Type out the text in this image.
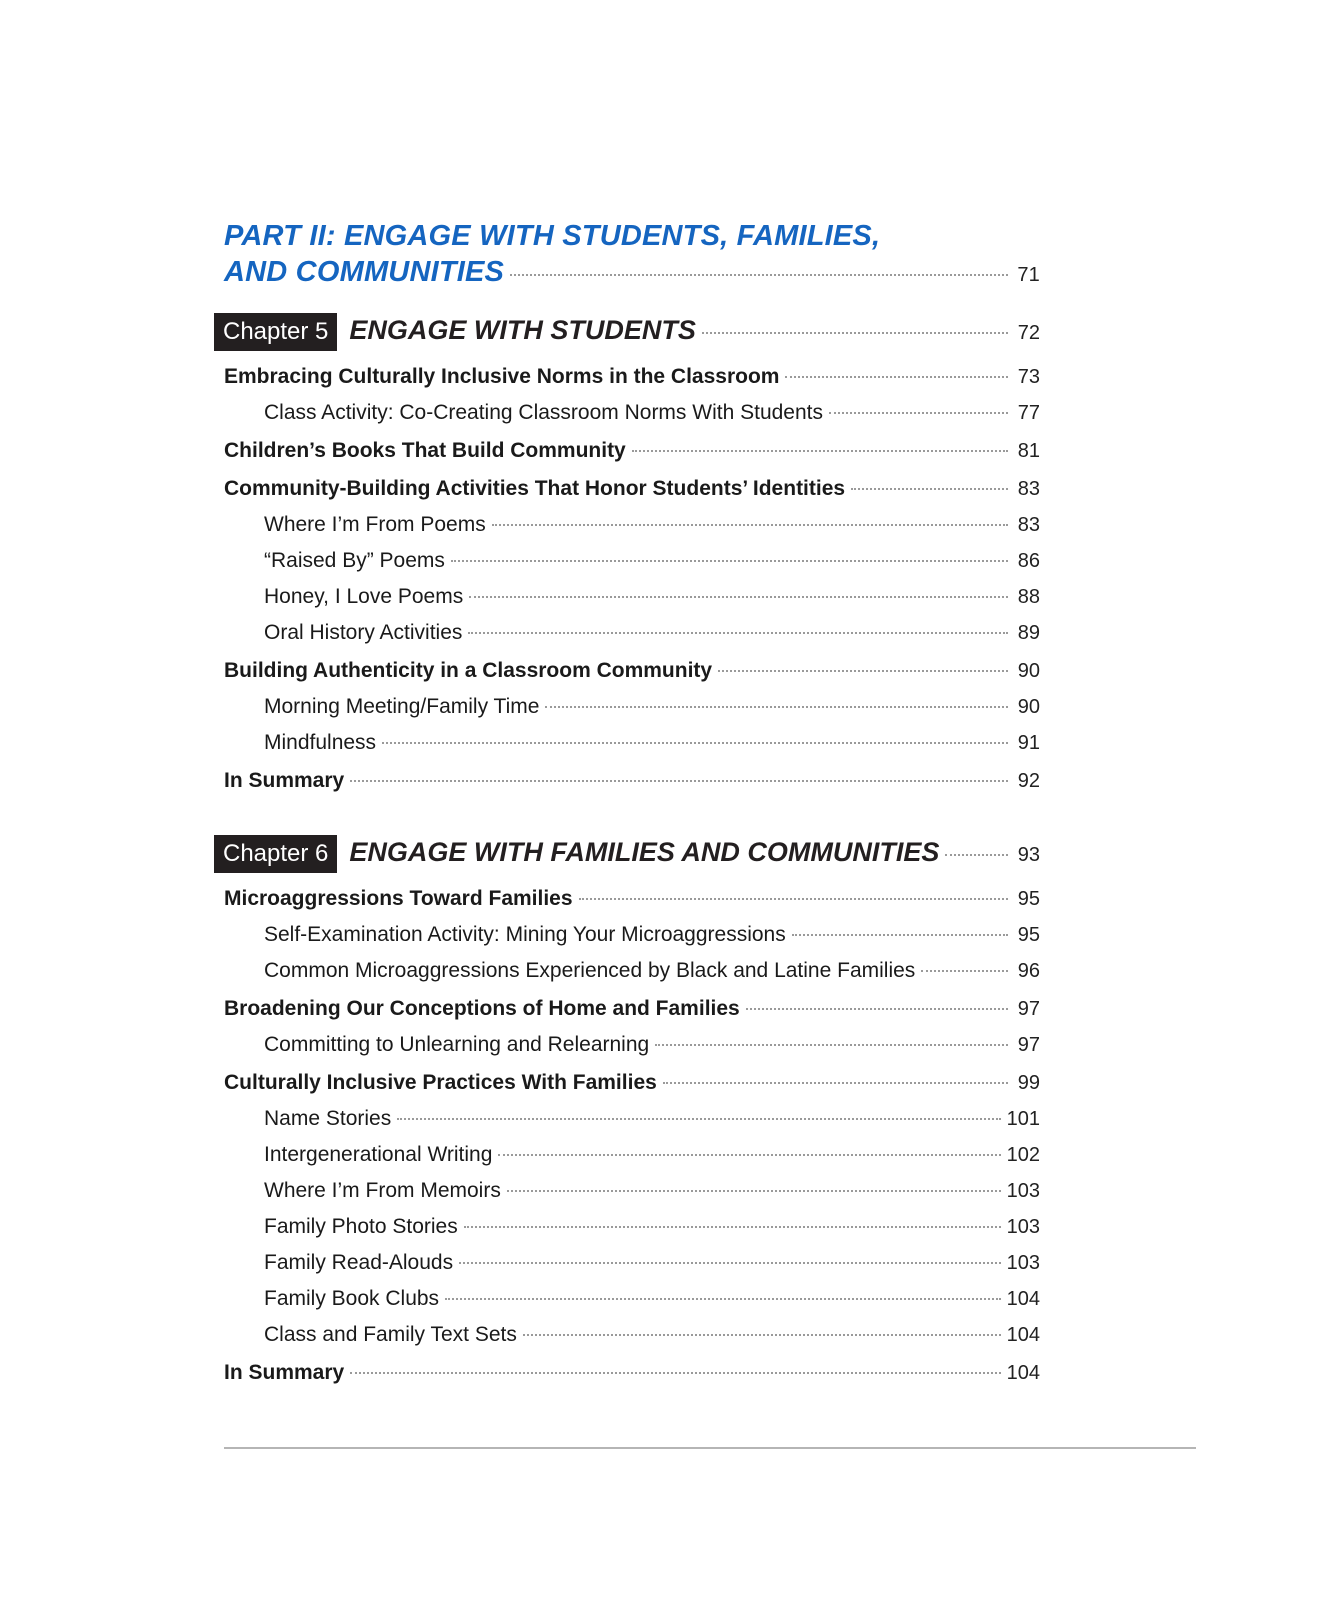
PART II: ENGAGE WITH STUDENTS, FAMILIES,
AND COMMUNITIES	71
Chapter 5 ENGAGE WITH STUDENTS	72
Embracing Culturally Inclusive Norms in the Classroom	73
Class Activity: Co-Creating Classroom Norms With Students	77
Children’s Books That Build Community	81
Community-Building Activities That Honor Students’ Identities	83
Where I’m From Poems	83
“Raised By” Poems	86
Honey, I Love Poems	88
Oral History Activities	89
Building Authenticity in a Classroom Community	90
Morning Meeting/Family Time	90
Mindfulness	91
In Summary	92
Chapter 6 ENGAGE WITH FAMILIES AND COMMUNITIES	93
Microaggressions Toward Families	95
Self-Examination Activity: Mining Your Microaggressions	95
Common Microaggressions Experienced by Black and Latine Families	96
Broadening Our Conceptions of Home and Families	97
Committing to Unlearning and Relearning	97
Culturally Inclusive Practices With Families	99
Name Stories	101
Intergenerational Writing	102
Where I’m From Memoirs	103
Family Photo Stories	103
Family Read-Alouds	103
Family Book Clubs	104
Class and Family Text Sets	104
In Summary	104
